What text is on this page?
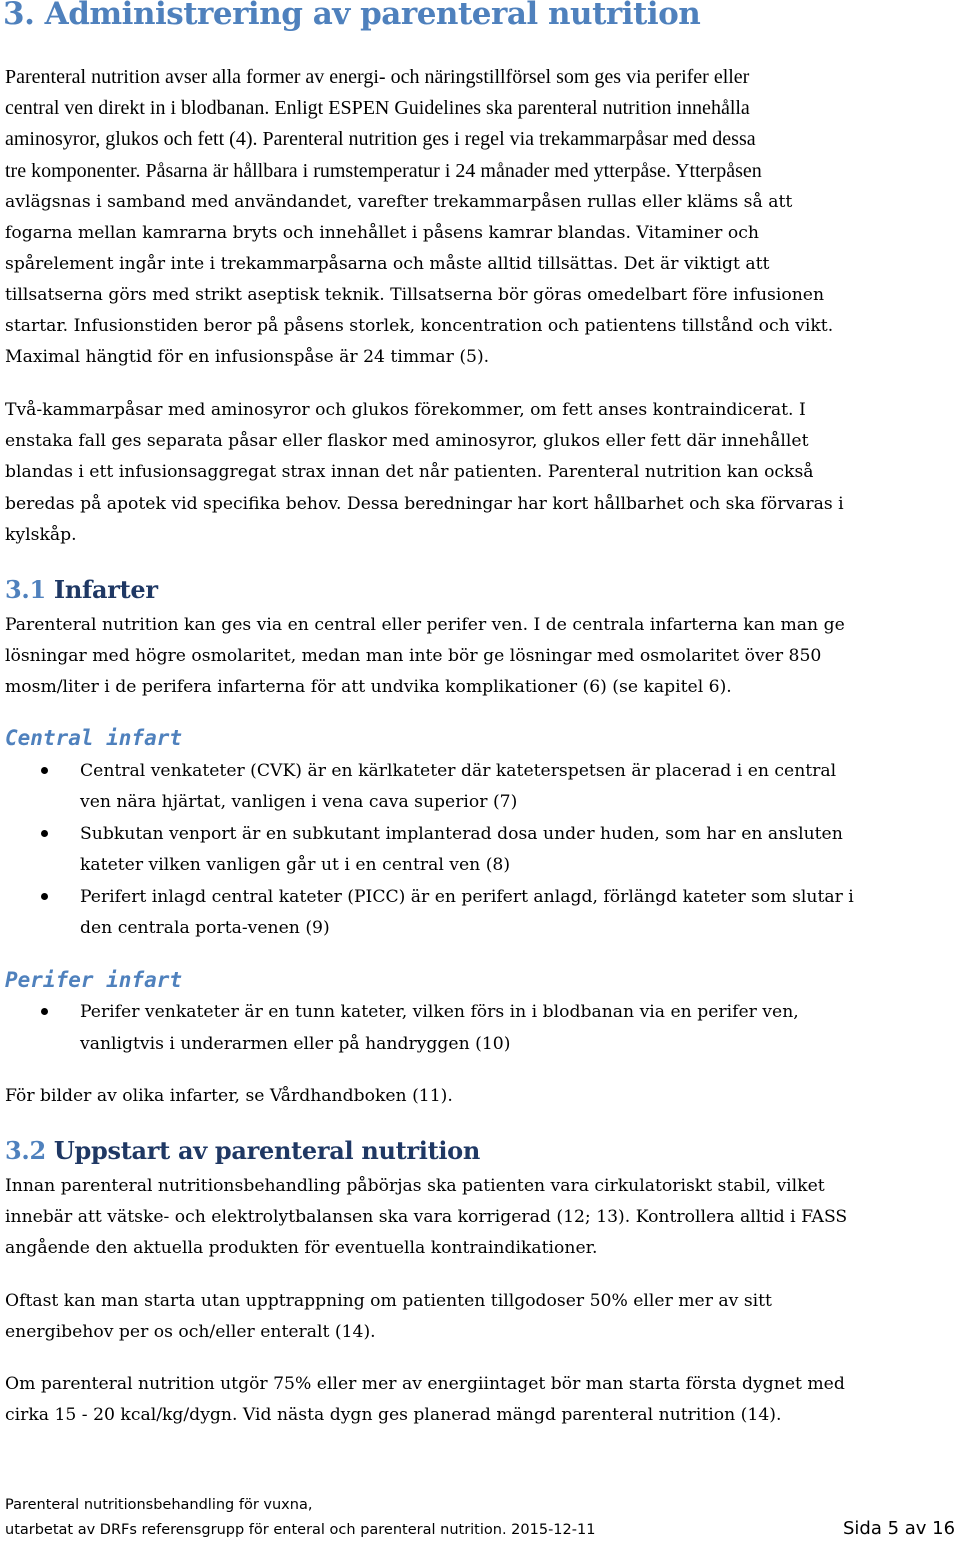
3. Administrering av parenteral nutrition

Parenteral nutrition avser alla former av energi- och näringstillförsel som ges via perifer eller

central ven direkt in i blodbanan. Enligt ESPEN Guidelines ska parenteral nutrition innehålla

aminosyror, glukos och fett (4). Parenteral nutrition ges i regel via trekammarpåsar med dessa

tre komponenter. Påsarna är hållbara i rumstemperatur i 24 månader med ytterpåse. Ytterpåsen

avlägsnas i samband med användandet, varefter trekammarpåsen rullas eller kläms så att

fogarna mellan kamrarna bryts och innehållet i påsens kamrar blandas. Vitaminer och

spårelement ingår inte i trekammarpåsarna och måste alltid tillsättas. Det är viktigt att

tillsatserna görs med strikt aseptisk teknik. Tillsatserna bör göras omedelbart före infusionen

startar. Infusionstiden beror på påsens storlek, koncentration och patientens tillstånd och vikt.

Maximal hängtid för en infusionspåse är 24 timmar (5).

Två-kammarpåsar med aminosyror och glukos förekommer, om fett anses kontraindicerat. I

enstaka fall ges separata påsar eller flaskor med aminosyror, glukos eller fett där innehållet

blandas i ett infusionsaggregat strax innan det når patienten. Parenteral nutrition kan också

beredas på apotek vid specifika behov. Dessa beredningar har kort hållbarhet och ska förvaras i

kylskåp.

3.1 Infarter

Parenteral nutrition kan ges via en central eller perifer ven. I de centrala infarterna kan man ge

lösningar med högre osmolaritet, medan man inte bör ge lösningar med osmolaritet över 850

mosm/liter i de perifera infarterna för att undvika komplikationer (6) (se kapitel 6).

Central infart

Central venkateter (CVK) är en kärlkateter där kateterspetsen är placerad i en central

ven nära hjärtat, vanligen i vena cava superior (7)

Subkutan venport är en subkutant implanterad dosa under huden, som har en ansluten

kateter vilken vanligen går ut i en central ven (8)

Perifert inlagd central kateter (PICC) är en perifert anlagd, förlängd kateter som slutar i

den centrala porta-venen (9)

Perifer infart

Perifer venkateter är en tunn kateter, vilken förs in i blodbanan via en perifer ven,

vanligtvis i underarmen eller på handryggen (10)

För bilder av olika infarter, se Vårdhandboken (11).

3.2 Uppstart av parenteral nutrition

Innan parenteral nutritionsbehandling påbörjas ska patienten vara cirkulatoriskt stabil, vilket

innebär att vätske- och elektrolytbalansen ska vara korrigerad (12; 13). Kontrollera alltid i FASS

angående den aktuella produkten för eventuella kontraindikationer.

Oftast kan man starta utan upptrappning om patienten tillgodoser 50% eller mer av sitt

energibehov per os och/eller enteralt (14).

Om parenteral nutrition utgör 75% eller mer av energiintaget bör man starta första dygnet med

cirka 15 - 20 kcal/kg/dygn. Vid nästa dygn ges planerad mängd parenteral nutrition (14).

Parenteral nutritionsbehandling för vuxna,

utarbetat av DRFs referensgrupp för enteral och parenteral nutrition. 2015-12-11	Sida 5 av 16
